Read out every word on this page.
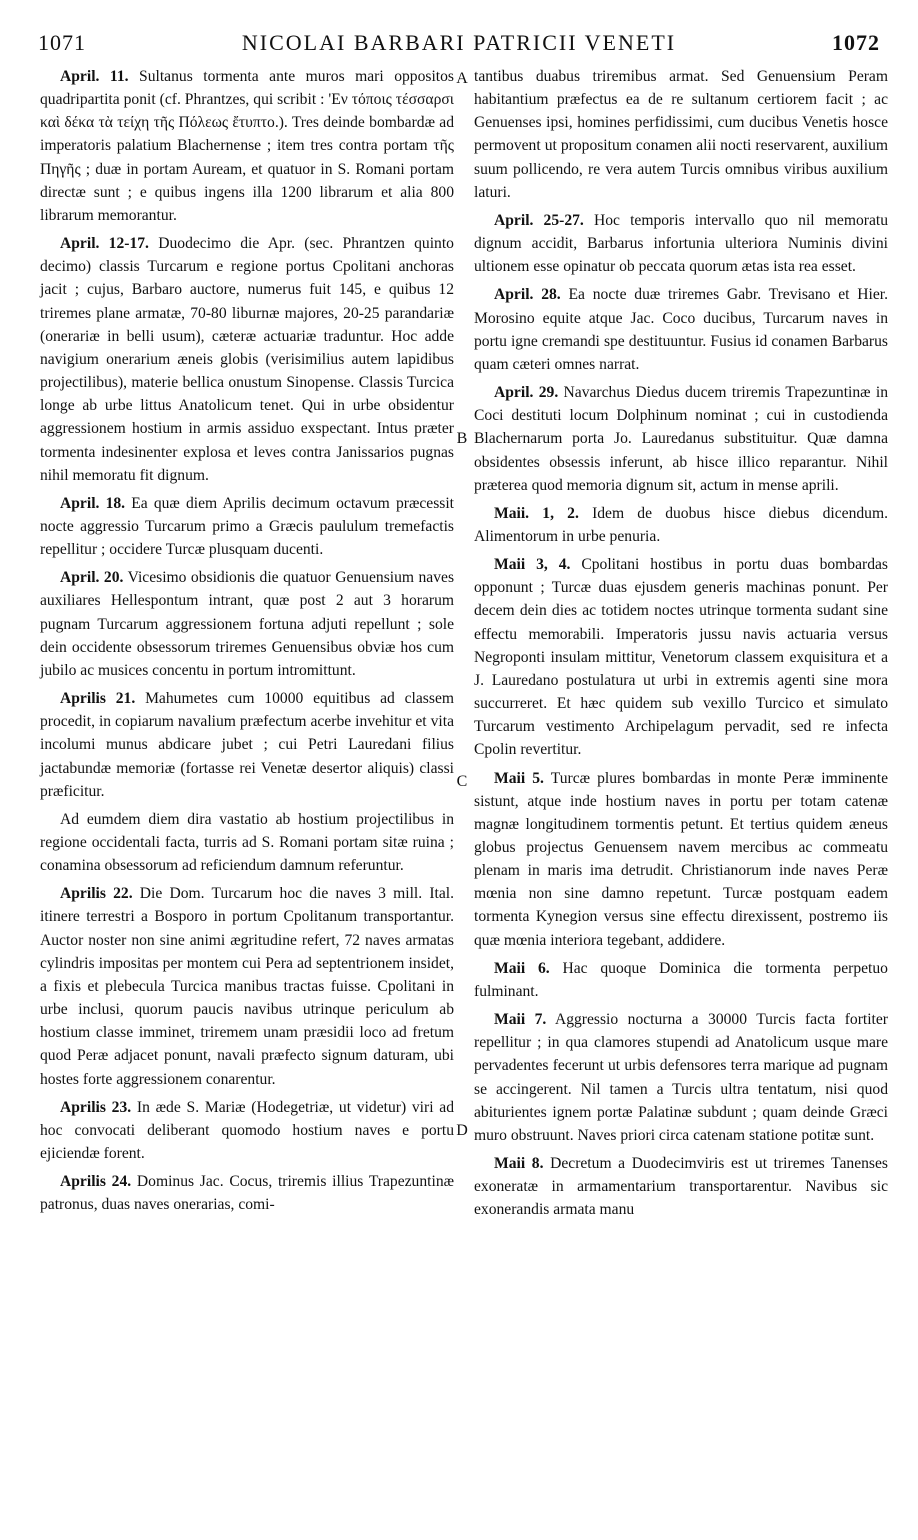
1071	NICOLAI BARBARI PATRICII VENETI	1072

April. 11. Sultanus tormenta ante muros mari oppositos quadripartita ponit (cf. Phrantzes, qui scribit : 'Εν τόποις τέσσαρσι καὶ δέκα τὰ τείχη τῆς Πόλεως ἔτυπτο.). Tres deinde bombardæ ad imperatoris palatium Blachernense ; item tres contra portam τῆς Πηγῆς ; duæ in portam Auream, et quatuor in S. Romani portam directæ sunt ; e quibus ingens illa 1200 librarum et alia 800 librarum memorantur.

April. 12-17. Duodecimo die Apr. (sec. Phrantzen quinto decimo) classis Turcarum e regione portus Cpolitani anchoras jacit ; cujus, Barbaro auctore, numerus fuit 145, e quibus 12 triremes plane armatæ, 70-80 liburnæ majores, 20-25 parandariæ (onerariæ in belli usum), cæteræ actuariæ traduntur. Hoc adde navigium onerarium æneis globis (verisimilius autem lapidibus projectilibus), materie bellica onustum Sinopense. Classis Turcica longe ab urbe littus Anatolicum tenet. Qui in urbe obsidentur aggressionem hostium in armis assiduo exspectant. Intus præter tormenta indesinenter explosa et leves contra Janissarios pugnas nihil memoratu fit dignum.

April. 18. Ea quæ diem Aprilis decimum octavum præcessit nocte aggressio Turcarum primo a Græcis paululum tremefactis repellitur ; occidere Turcæ plusquam ducenti.

April. 20. Vicesimo obsidionis die quatuor Genuensium naves auxiliares Hellespontum intrant, quæ post 2 aut 3 horarum pugnam Turcarum aggressionem fortuna adjuti repellunt ; sole dein occidente obsessorum triremes Genuensibus obviæ hos cum jubilo ac musices concentu in portum intromittunt.

Aprilis 21. Mahumetes cum 10000 equitibus ad classem procedit, in copiarum navalium præfectum acerbe invehitur et vita incolumi munus abdicare jubet ; cui Petri Lauredani filius jactabundæ memoriæ (fortasse rei Venetæ desertor aliquis) classi præficitur.

Ad eumdem diem dira vastatio ab hostium projectilibus in regione occidentali facta, turris ad S. Romani portam sitæ ruina ; conamina obsessorum ad reficiendum damnum referuntur.

Aprilis 22. Die Dom. Turcarum hoc die naves 3 mill. Ital. itinere terrestri a Bosporo in portum Cpolitanum transportantur. Auctor noster non sine animi ægritudine refert, 72 naves armatas cylindris impositas per montem cui Pera ad septentrionem insidet, a fixis et plebecula Turcica manibus tractas fuisse. Cpolitani in urbe inclusi, quorum paucis navibus utrinque periculum ab hostium classe imminet, triremem unam præsidii loco ad fretum quod Peræ adjacet ponunt, navali præfecto signum daturam, ubi hostes forte aggressionem conarentur.

Aprilis 23. In æde S. Mariæ (Hodegetriæ, ut videtur) viri ad hoc convocati deliberant quomodo hostium naves e portu ejiciendæ forent.

Aprilis 24. Dominus Jac. Cocus, triremis illius Trapezuntinæ patronus, duas naves onerarias, comi-

A
B
C
D

tantibus duabus triremibus armat. Sed Genuensium Peram habitantium præfectus ea de re sultanum certiorem facit ; ac Genuenses ipsi, homines perfidissimi, cum ducibus Venetis hosce permovent ut propositum conamen alii nocti reservarent, auxilium suum pollicendo, re vera autem Turcis omnibus viribus auxilium laturi.

April. 25-27. Hoc temporis intervallo quo nil memoratu dignum accidit, Barbarus infortunia ulteriora Numinis divini ultionem esse opinatur ob peccata quorum ætas ista rea esset.

April. 28. Ea nocte duæ triremes Gabr. Trevisano et Hier. Morosino equite atque Jac. Coco ducibus, Turcarum naves in portu igne cremandi spe destituuntur. Fusius id conamen Barbarus quam cæteri omnes narrat.

April. 29. Navarchus Diedus ducem triremis Trapezuntinæ in Coci destituti locum Dolphinum nominat ; cui in custodienda Blachernarum porta Jo. Lauredanus substituitur. Quæ damna obsidentes obsessis inferunt, ab hisce illico reparantur. Nihil præterea quod memoria dignum sit, actum in mense aprili.

Maii. 1, 2. Idem de duobus hisce diebus dicendum. Alimentorum in urbe penuria.

Maii 3, 4. Cpolitani hostibus in portu duas bombardas opponunt ; Turcæ duas ejusdem generis machinas ponunt. Per decem dein dies ac totidem noctes utrinque tormenta sudant sine effectu memorabili. Imperatoris jussu navis actuaria versus Negroponti insulam mittitur, Venetorum classem exquisitura et a J. Lauredano postulatura ut urbi in extremis agenti sine mora succurreret. Et hæc quidem sub vexillo Turcico et simulato Turcarum vestimento Archipelagum pervadit, sed re infecta Cpolin revertitur.

Maii 5. Turcæ plures bombardas in monte Peræ imminente sistunt, atque inde hostium naves in portu per totam catenæ magnæ longitudinem tormentis petunt. Et tertius quidem æneus globus projectus Genuensem navem mercibus ac commeatu plenam in maris ima detrudit. Christianorum inde naves Peræ mœnia non sine damno repetunt. Turcæ postquam eadem tormenta Kynegion versus sine effectu direxissent, postremo iis quæ mœnia interiora tegebant, addidere.

Maii 6. Hac quoque Dominica die tormenta perpetuo fulminant.

Maii 7. Aggressio nocturna a 30000 Turcis facta fortiter repellitur ; in qua clamores stupendi ad Anatolicum usque mare pervadentes fecerunt ut urbis defensores terra marique ad pugnam se accingerent. Nil tamen a Turcis ultra tentatum, nisi quod abiturientes ignem portæ Palatinæ subdunt ; quam deinde Græci muro obstruunt. Naves priori circa catenam statione potitæ sunt.

Maii 8. Decretum a Duodecimviris est ut triremes Tanenses exoneratæ in armamentarium transportarentur. Navibus sic exonerandis armata manu
